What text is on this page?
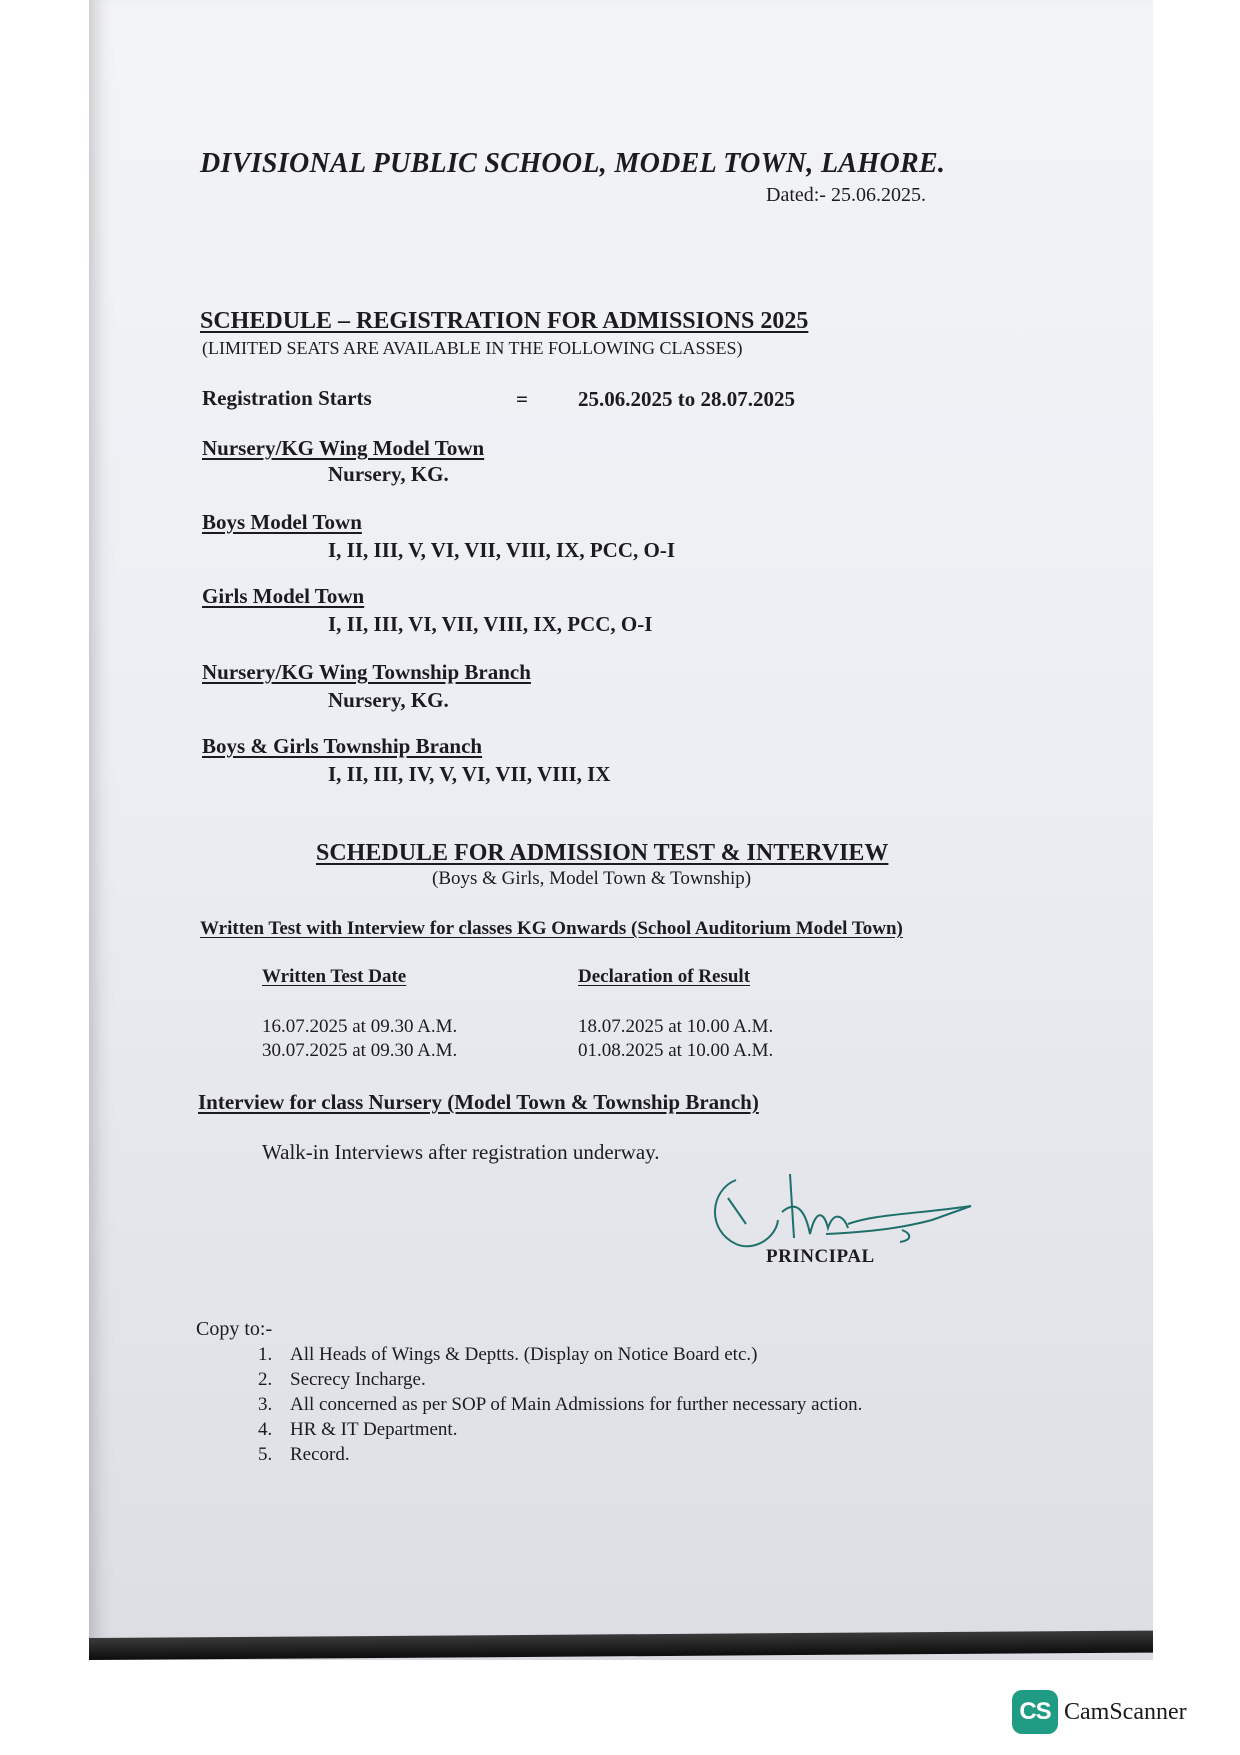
DIVISIONAL PUBLIC SCHOOL, MODEL TOWN, LAHORE.
Dated:- 25.06.2025.
SCHEDULE – REGISTRATION FOR ADMISSIONS 2025
(LIMITED SEATS ARE AVAILABLE IN THE FOLLOWING CLASSES)
Registration Starts	= 25.06.2025 to 28.07.2025
Nursery/KG Wing Model Town
Nursery, KG.
Boys Model Town
I, II, III, V, VI, VII, VIII, IX, PCC, O-I
Girls Model Town
I, II, III, VI, VII, VIII, IX, PCC, O-I
Nursery/KG Wing Township Branch
Nursery, KG.
Boys & Girls Township Branch
I, II, III, IV, V, VI, VII, VIII, IX
SCHEDULE FOR ADMISSION TEST & INTERVIEW
(Boys & Girls, Model Town & Township)
Written Test with Interview for classes KG Onwards (School Auditorium Model Town)
Written Test Date	Declaration of Result
16.07.2025 at 09.30 A.M.	18.07.2025 at 10.00 A.M.
30.07.2025 at 09.30 A.M.	01.08.2025 at 10.00 A.M.
Interview for class Nursery (Model Town & Township Branch)
Walk-in Interviews after registration underway.
PRINCIPAL
Copy to:-
1. All Heads of Wings & Deptts. (Display on Notice Board etc.)
2. Secrecy Incharge.
3. All concerned as per SOP of Main Admissions for further necessary action.
4. HR & IT Department.
5. Record.
CS CamScanner
